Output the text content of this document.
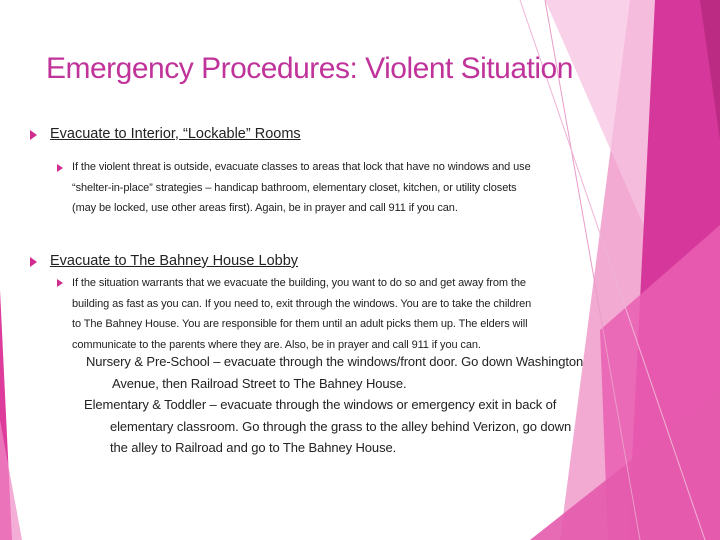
Emergency Procedures: Violent Situation

Evacuate to Interior, “Lockable” Rooms

If the violent threat is outside, evacuate classes to areas that lock that have no windows and use
“shelter-in-place” strategies – handicap bathroom, elementary closet, kitchen, or utility closets
(may be locked, use other areas first). Again, be in prayer and call 911 if you can.

Evacuate to The Bahney House Lobby

If the situation warrants that we evacuate the building, you want to do so and get away from the
building as fast as you can. If you need to, exit through the windows. You are to take the children
to The Bahney House. You are responsible for them until an adult picks them up. The elders will
communicate to the parents where they are. Also, be in prayer and call 911 if you can.

Nursery & Pre-School – evacuate through the windows/front door. Go down Washington
Avenue, then Railroad Street to The Bahney House.

Elementary & Toddler – evacuate through the windows or emergency exit in back of
elementary classroom. Go through the grass to the alley behind Verizon, go down
the alley to Railroad and go to The Bahney House.
